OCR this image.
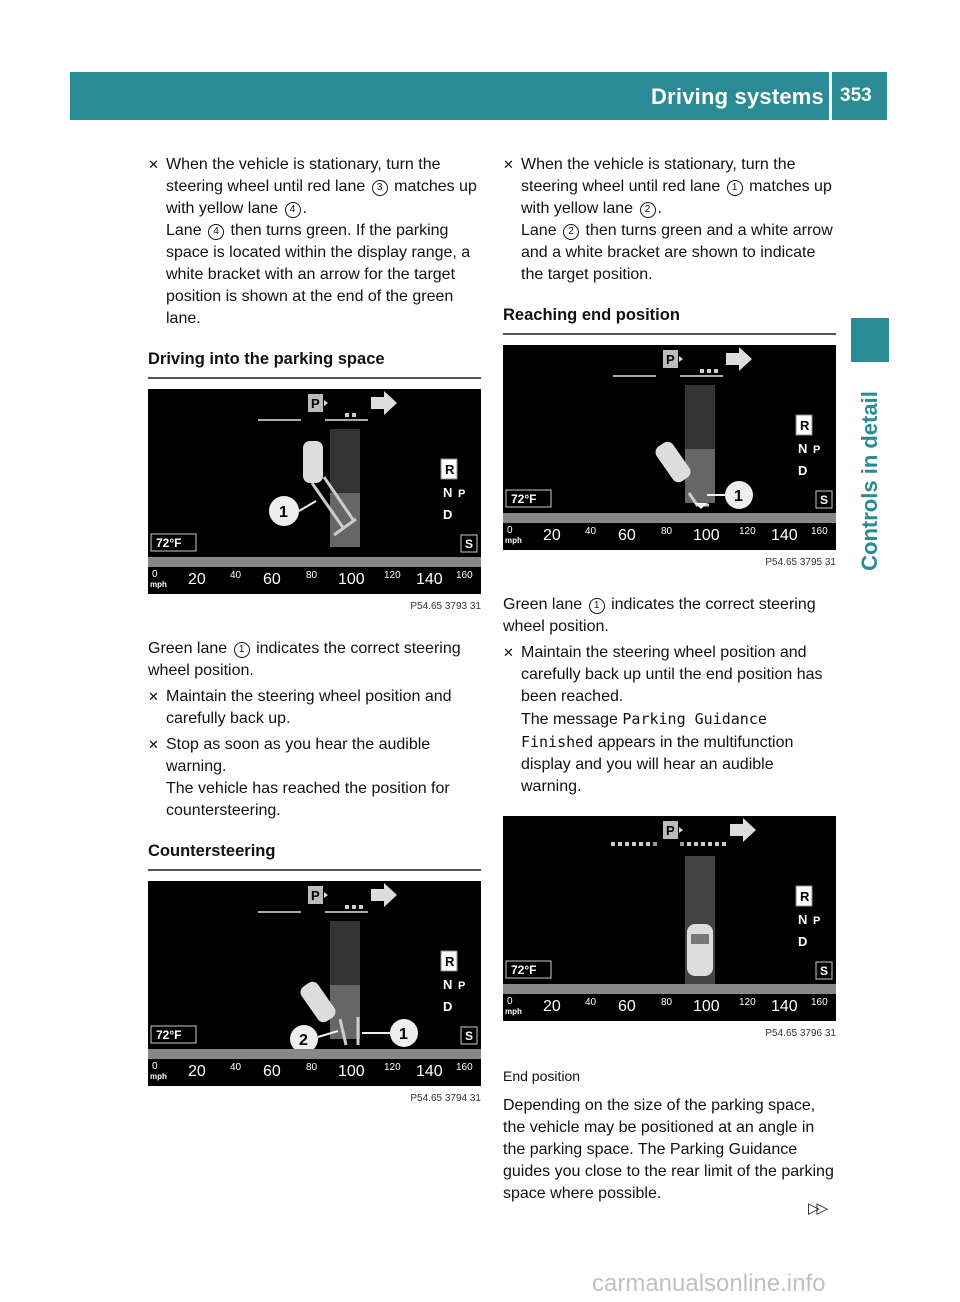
Driving systems 353
Controls in detail
✕ When the vehicle is stationary, turn the steering wheel until red lane 3 matches up with yellow lane 4 .
Lane 4 then turns green. If the parking space is located within the display range, a white bracket with an arrow for the target position is shown at the end of the green lane.
Driving into the parking space
P
1
R
N P
D
72°F	S
0
mph 20 40 60	80 100 120 140 160
P54.65 3793 31
Green lane 1 indicates the correct steering wheel position.
✕ Maintain the steering wheel position and carefully back up.
✕ Stop as soon as you hear the audible warning.
The vehicle has reached the position for countersteering.
Countersteering
P
2	1
R
N P
D
72°F	S
0
mph 20 40 60	80 100 120 140 160
P54.65 3794 31
✕ When the vehicle is stationary, turn the steering wheel until red lane 1 matches up with yellow lane 2 .
Lane 2 then turns green and a white arrow and a white bracket are shown to indicate the target position.
Reaching end position
P
1
R
N P
D
72°F	S
0
mph 20 40 60	80 100 120 140 160
P54.65 3795 31
Green lane 1 indicates the correct steering wheel position.
✕ Maintain the steering wheel position and carefully back up until the end position has been reached.
The message Parking Guidance Finished appears in the multifunction display and you will hear an audible warning.
P
R
N P
D
72°F	S
0
mph 20 40 60	80 100 120 140 160
P54.65 3796 31
End position
Depending on the size of the parking space, the vehicle may be positioned at an angle in the parking space. The Parking Guidance guides you close to the rear limit of the parking space where possible.
▷▷
carmanualsonline.info
